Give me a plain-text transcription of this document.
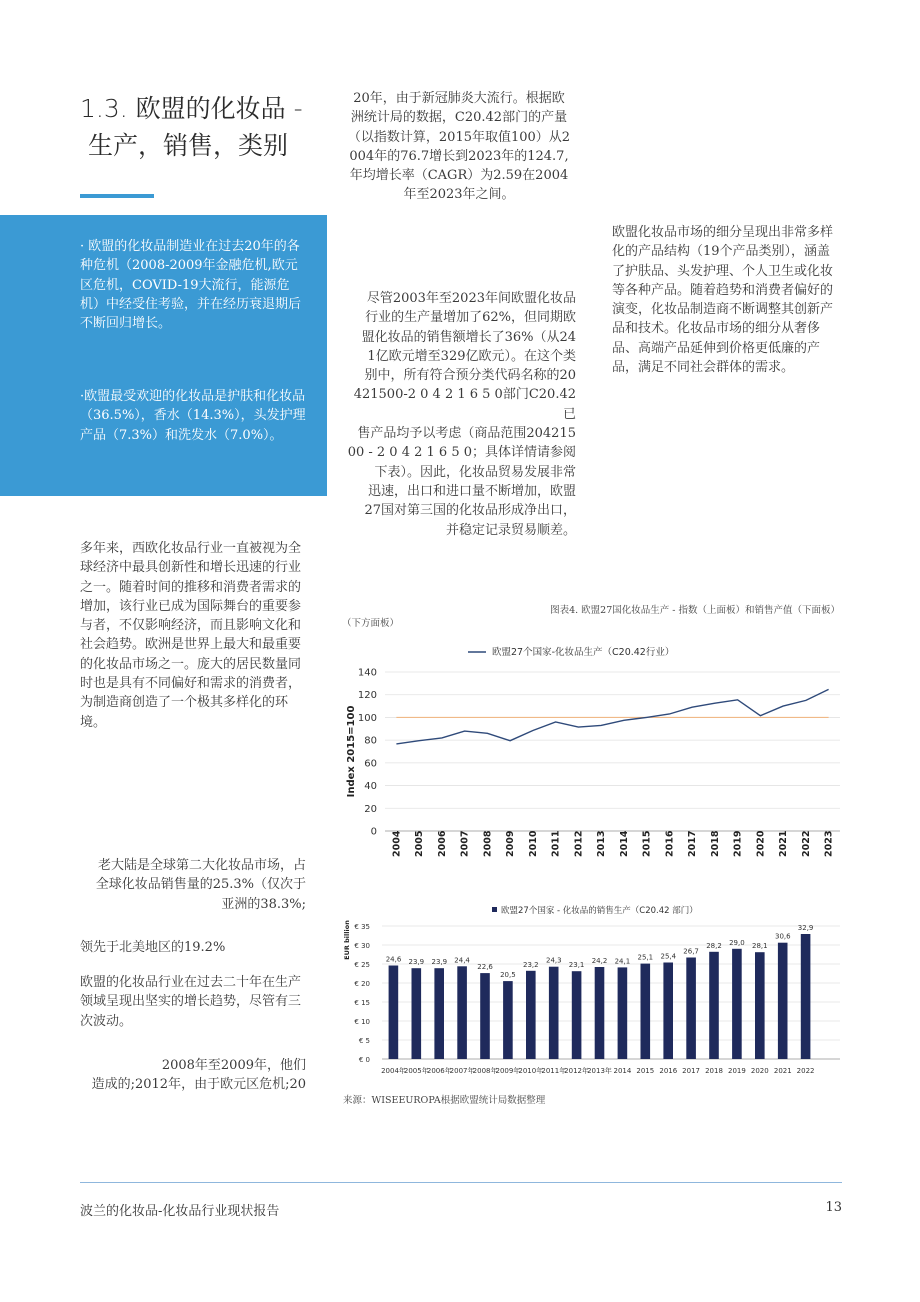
1.3. 欧盟的化妆品 -
生产，销售，类别
· 欧盟的化妆品制造业在过去20年的各种危机（2008-2009年金融危机,欧元区危机，COVID-19大流行，能源危机）中经受住考验，并在经历衰退期后不断回归增长。
·欧盟最受欢迎的化妆品是护肤和化妆品（36.5%），香水（14.3%），头发护理产品（7.3%）和洗发水（7.0%）。
多年来，西欧化妆品行业一直被视为全球经济中最具创新性和增长迅速的行业之一。随着时间的推移和消费者需求的增加，该行业已成为国际舞台的重要参与者，不仅影响经济，而且影响文化和社会趋势。欧洲是世界上最大和最重要的化妆品市场之一。庞大的居民数量同时也是具有不同偏好和需求的消费者，为制造商创造了一个极其多样化的环境。
老大陆是全球第二大化妆品市场，占
全球化妆品销售量的25.3%（仅次于
亚洲的38.3%;
领先于北美地区的19.2%
欧盟的化妆品行业在过去二十年在生产领域呈现出坚实的增长趋势，尽管有三次波动。
2008年至2009年，他们
造成的;2012年，由于欧元区危机;20
20年，由于新冠肺炎大流行。根据欧
洲统计局的数据，C20.42部门的产量
（以指数计算，2015年取值100）从2
004年的76.7增长到2023年的124.7,
年均增长率（CAGR）为2.59在2004
年至2023年之间。
尽管2003年至2023年间欧盟化妆品
行业的生产量增加了62%，但同期欧
盟化妆品的销售额增长了36%（从24
1亿欧元增至329亿欧元）。在这个类
别中，所有符合预分类代码名称的20
421500-2 0 4 2 1 6 5 0部门C20.42已
售产品均予以考虑（商品范围204215
00 - 2 0 4 2 1 6 5 0；具体详情请参阅
下表）。因此，化妆品贸易发展非常
迅速，出口和进口量不断增加，欧盟
27国对第三国的化妆品形成净出口，
并稳定记录贸易顺差。
欧盟化妆品市场的细分呈现出非常多样化的产品结构（19个产品类别），涵盖了护肤品、头发护理、个人卫生或化妆等各种产品。随着趋势和消费者偏好的演变，化妆品制造商不断调整其创新产品和技术。化妆品市场的细分从奢侈品、高端产品延伸到价格更低廉的产品，满足不同社会群体的需求。
图表4. 欧盟27国化妆品生产 - 指数（上面板）和销售产值（下面板）
（下方面板）
欧盟27个国家-化妆品生产（C20.42行业）
0
20
40
60
80
100
120
140
Index 2015=100
2004 2005 2006 2007 2008 2009 2010 2011 2012 2013 2014 2015 2016 2017 2018 2019 2020 2021 2022 2023
欧盟27个国家 - 化妆品的销售生产（C20.42 部门）
€ 0
€ 5
€ 10
€ 15
€ 20
€ 25
€ 30
€ 35
EUR billion	24,6 23,9 23,9 24,4
22,6
20,5
23,2
24,3
23,1
24,2 24,1 25,1 25,4
26,7
28,2 29,0 28,1
30,6
32,9
2004年
2005年
2006年
2007年
2008年
2009年
2010年
2011年
2012年
2013年 2014 2015 2016 2017 2018 2019 2020 2021 2022
来源：WISEEUROPA根据欧盟统计局数据整理
波兰的化妆品-化妆品行业现状报告	13
